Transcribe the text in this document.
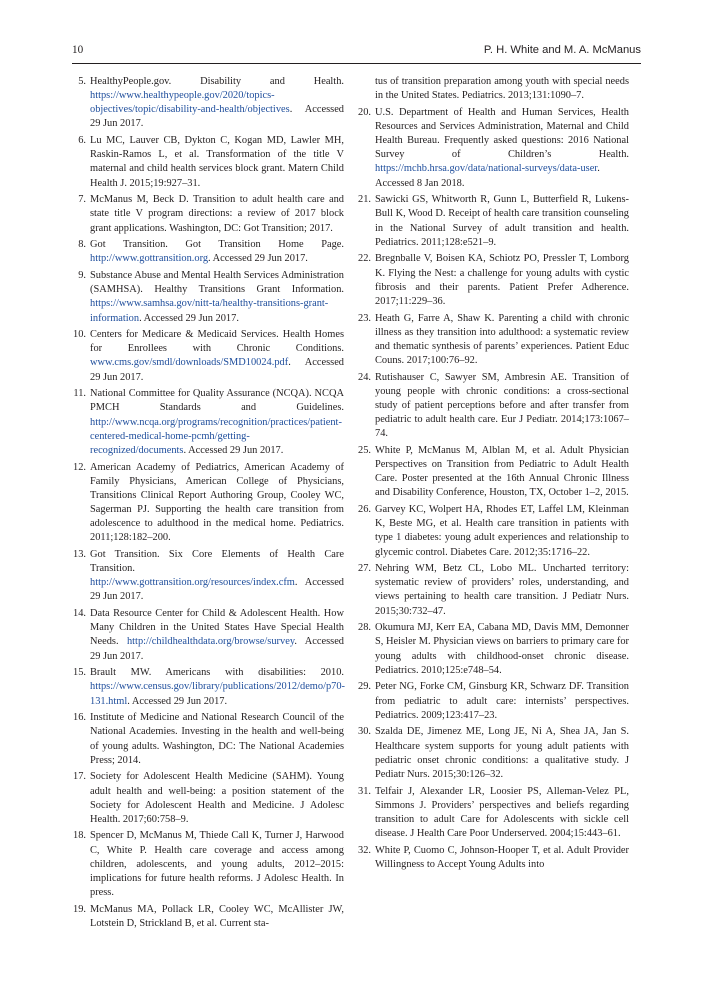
10	P. H. White and M. A. McManus
5. HealthyPeople.gov. Disability and Health. https://www.healthypeople.gov/2020/topics-objectives/topic/disability-and-health/objectives. Accessed 29 Jun 2017.
6. Lu MC, Lauver CB, Dykton C, Kogan MD, Lawler MH, Raskin-Ramos L, et al. Transformation of the title V maternal and child health services block grant. Matern Child Health J. 2015;19:927–31.
7. McManus M, Beck D. Transition to adult health care and state title V program directions: a review of 2017 block grant applications. Washington, DC: Got Transition; 2017.
8. Got Transition. Got Transition Home Page. http://www.gottransition.org. Accessed 29 Jun 2017.
9. Substance Abuse and Mental Health Services Administration (SAMHSA). Healthy Transitions Grant Information. https://www.samhsa.gov/nitt-ta/healthy-transitions-grant-information. Accessed 29 Jun 2017.
10. Centers for Medicare & Medicaid Services. Health Homes for Enrollees with Chronic Conditions. www.cms.gov/smdl/downloads/SMD10024.pdf. Accessed 29 Jun 2017.
11. National Committee for Quality Assurance (NCQA). NCQA PMCH Standards and Guidelines. http://www.ncqa.org/programs/recognition/practices/patient-centered-medical-home-pcmh/getting-recognized/documents. Accessed 29 Jun 2017.
12. American Academy of Pediatrics, American Academy of Family Physicians, American College of Physicians, Transitions Clinical Report Authoring Group, Cooley WC, Sagerman PJ. Supporting the health care transition from adolescence to adulthood in the medical home. Pediatrics. 2011;128:182–200.
13. Got Transition. Six Core Elements of Health Care Transition. http://www.gottransition.org/resources/index.cfm. Accessed 29 Jun 2017.
14. Data Resource Center for Child & Adolescent Health. How Many Children in the United States Have Special Health Needs. http://childhealthdata.org/browse/survey. Accessed 29 Jun 2017.
15. Brault MW. Americans with disabilities: 2010. https://www.census.gov/library/publications/2012/demo/p70-131.html. Accessed 29 Jun 2017.
16. Institute of Medicine and National Research Council of the National Academies. Investing in the health and well-being of young adults. Washington, DC: The National Academies Press; 2014.
17. Society for Adolescent Health Medicine (SAHM). Young adult health and well-being: a position statement of the Society for Adolescent Health and Medicine. J Adolesc Health. 2017;60:758–9.
18. Spencer D, McManus M, Thiede Call K, Turner J, Harwood C, White P. Health care coverage and access among children, adolescents, and young adults, 2012–2015: implications for future health reforms. J Adolesc Health. In press.
19. McManus MA, Pollack LR, Cooley WC, McAllister JW, Lotstein D, Strickland B, et al. Current sta-
tus of transition preparation among youth with special needs in the United States. Pediatrics. 2013;131:1090–7.
20. U.S. Department of Health and Human Services, Health Resources and Services Administration, Maternal and Child Health Bureau. Frequently asked questions: 2016 National Survey of Children’s Health. https://mchb.hrsa.gov/data/national-surveys/data-user. Accessed 8 Jan 2018.
21. Sawicki GS, Whitworth R, Gunn L, Butterfield R, Lukens-Bull K, Wood D. Receipt of health care transition counseling in the National Survey of adult transition and health. Pediatrics. 2011;128:e521–9.
22. Bregnballe V, Boisen KA, Schiotz PO, Pressler T, Lomborg K. Flying the Nest: a challenge for young adults with cystic fibrosis and their parents. Patient Prefer Adherence. 2017;11:229–36.
23. Heath G, Farre A, Shaw K. Parenting a child with chronic illness as they transition into adulthood: a systematic review and thematic synthesis of parents’ experiences. Patient Educ Couns. 2017;100:76–92.
24. Rutishauser C, Sawyer SM, Ambresin AE. Transition of young people with chronic conditions: a cross-sectional study of patient perceptions before and after transfer from pediatric to adult health care. Eur J Pediatr. 2014;173:1067–74.
25. White P, McManus M, Alblan M, et al. Adult Physician Perspectives on Transition from Pediatric to Adult Health Care. Poster presented at the 16th Annual Chronic Illness and Disability Conference, Houston, TX, October 1–2, 2015.
26. Garvey KC, Wolpert HA, Rhodes ET, Laffel LM, Kleinman K, Beste MG, et al. Health care transition in patients with type 1 diabetes: young adult experiences and relationship to glycemic control. Diabetes Care. 2012;35:1716–22.
27. Nehring WM, Betz CL, Lobo ML. Uncharted territory: systematic review of providers’ roles, understanding, and views pertaining to health care transition. J Pediatr Nurs. 2015;30:732–47.
28. Okumura MJ, Kerr EA, Cabana MD, Davis MM, Demonner S, Heisler M. Physician views on barriers to primary care for young adults with childhood-onset chronic disease. Pediatrics. 2010;125:e748–54.
29. Peter NG, Forke CM, Ginsburg KR, Schwarz DF. Transition from pediatric to adult care: internists’ perspectives. Pediatrics. 2009;123:417–23.
30. Szalda DE, Jimenez ME, Long JE, Ni A, Shea JA, Jan S. Healthcare system supports for young adult patients with pediatric onset chronic conditions: a qualitative study. J Pediatr Nurs. 2015;30:126–32.
31. Telfair J, Alexander LR, Loosier PS, Alleman-Velez PL, Simmons J. Providers’ perspectives and beliefs regarding transition to adult Care for Adolescents with sickle cell disease. J Health Care Poor Underserved. 2004;15:443–61.
32. White P, Cuomo C, Johnson-Hooper T, et al. Adult Provider Willingness to Accept Young Adults into
